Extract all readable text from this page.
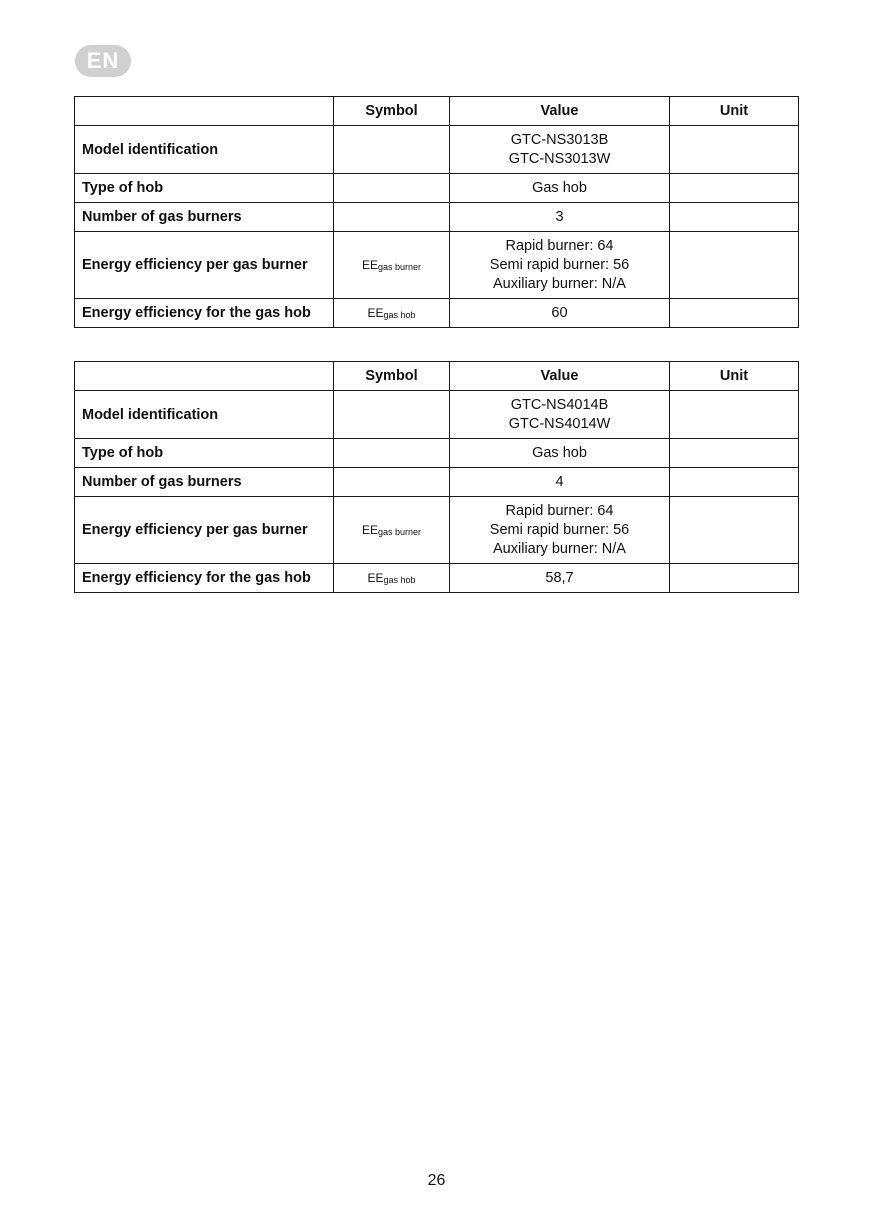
EN
	Symbol	Value	Unit
Model identification		GTC-NS3013B
GTC-NS3013W	

Type of hob		Gas hob	
Number of gas burners		3	
Energy efficiency per gas burner	$EE_{gas burner}$	Rapid burner: 64
Semi rapid burner: 56
Auxiliary burner: N/A	

Energy efficiency for the gas hob	$EE_{gas hob}$	60	
	Symbol	Value	Unit
Model identification		GTC-NS4014B
GTC-NS4014W	

Type of hob		Gas hob	
Number of gas burners		4	
Energy efficiency per gas burner	$EE_{gas burner}$	Rapid burner: 64
Semi rapid burner: 56
Auxiliary burner: N/A	

Energy efficiency for the gas hob	$EE_{gas hob}$	58,7	
26
